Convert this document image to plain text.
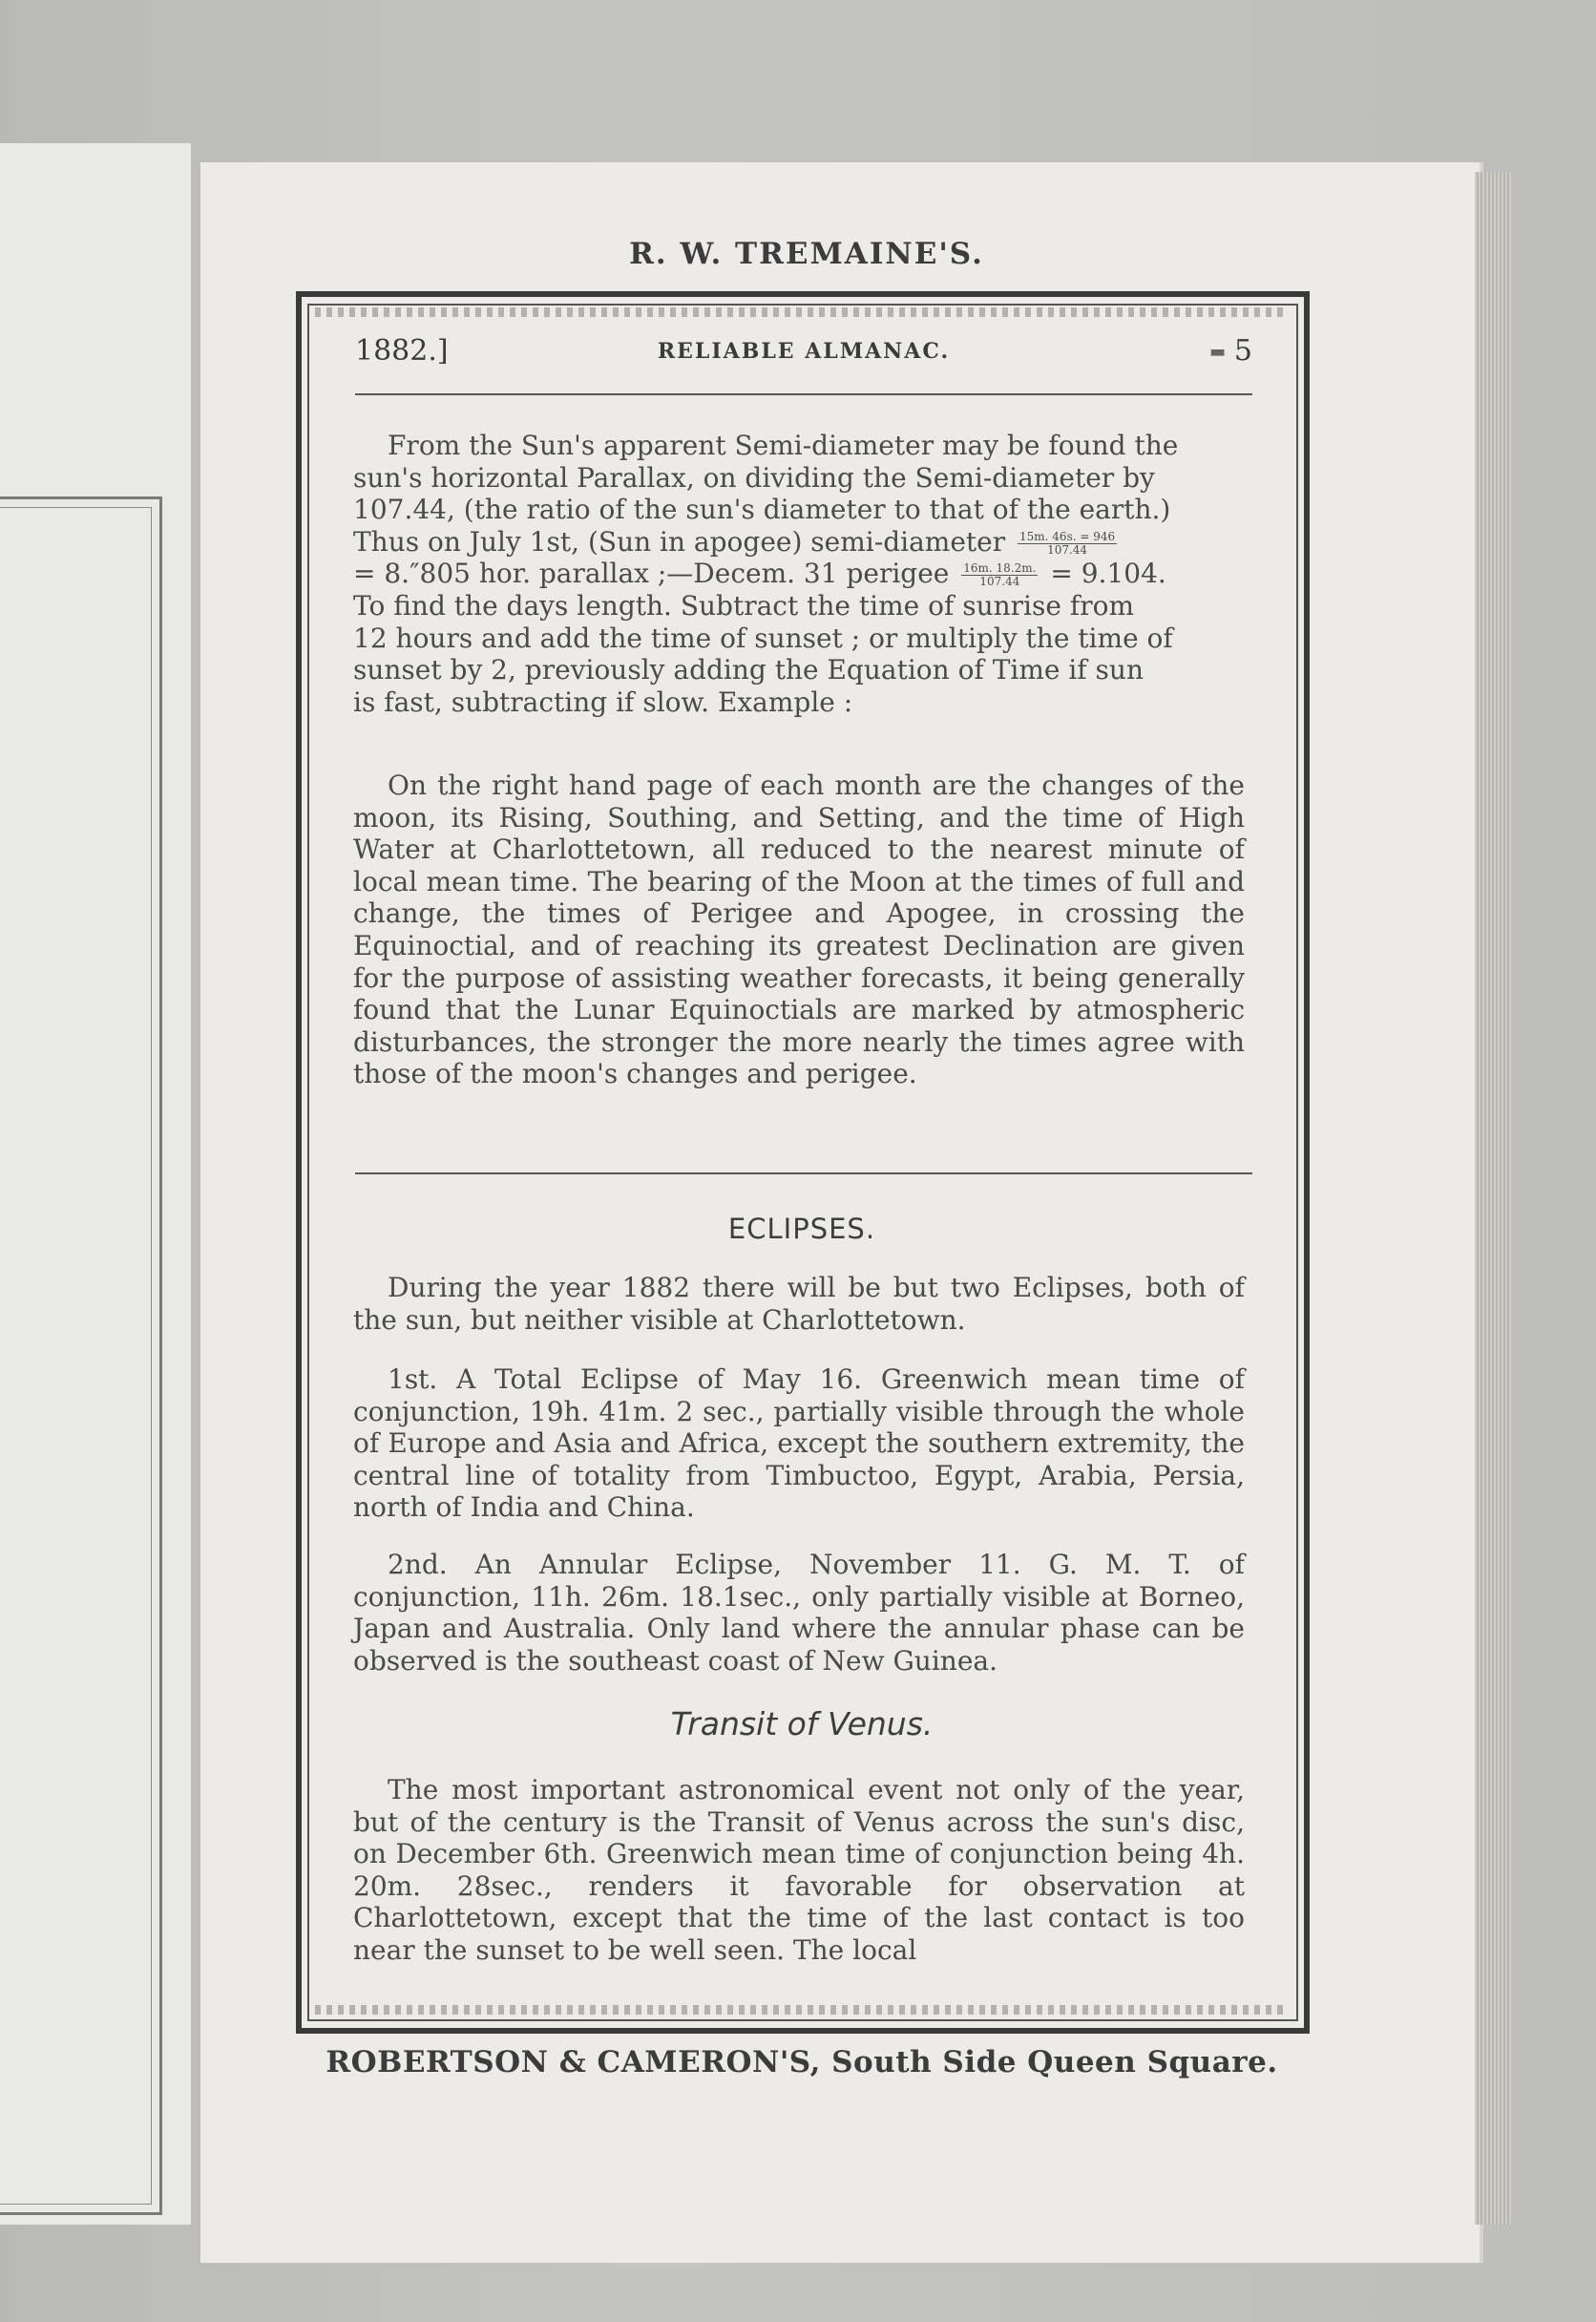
R. W. TREMAINE'S.
1882.]	RELIABLE ALMANAC.	▬ 5
From the Sun's apparent Semi-diameter may be found the
sun's horizontal Parallax, on dividing the Semi-diameter by
107.44, (the ratio of the sun's diameter to that of the earth.)
Thus on July 1st, (Sun in apogee) semi-diameter $\frac{15m. 46s. = 946}{107.44}$
= 8.″805 hor. parallax ;—Decem. 31 perigee $\frac{16m. 18.2m.}{107.44} = 9.104$.
To find the days length. Subtract the time of sunrise from
12 hours and add the time of sunset ; or multiply the time of
sunset by 2, previously adding the Equation of Time if sun
is fast, subtracting if slow. Example :

On the right hand page of each month are the changes of the moon, its Rising, Southing, and Setting, and the time of High Water at Charlottetown, all reduced to the nearest minute of local mean time. The bearing of the Moon at the times of full and change, the times of Perigee and Apogee, in crossing the Equinoctial, and of reaching its greatest Declination are given for the purpose of assisting weather forecasts, it being generally found that the Lunar Equinoctials are marked by atmospheric disturbances, the stronger the more nearly the times agree with those of the moon's changes and perigee.

ECLIPSES.

During the year 1882 there will be but two Eclipses, both of the sun, but neither visible at Charlottetown.

1st. A Total Eclipse of May 16. Greenwich mean time of conjunction, 19h. 41m. 2 sec., partially visible through the whole of Europe and Asia and Africa, except the southern extremity, the central line of totality from Timbuctoo, Egypt, Arabia, Persia, north of India and China.

2nd. An Annular Eclipse, November 11. G. M. T. of conjunction, 11h. 26m. 18.1sec., only partially visible at Borneo, Japan and Australia. Only land where the annular phase can be observed is the southeast coast of New Guinea.

Transit of Venus.

The most important astronomical event not only of the year, but of the century is the Transit of Venus across the sun's disc, on December 6th. Greenwich mean time of conjunction being 4h. 20m. 28sec., renders it favorable for observation at Charlottetown, except that the time of the last contact is too near the sunset to be well seen. The local

ROBERTSON & CAMERON'S, South Side Queen Square.
